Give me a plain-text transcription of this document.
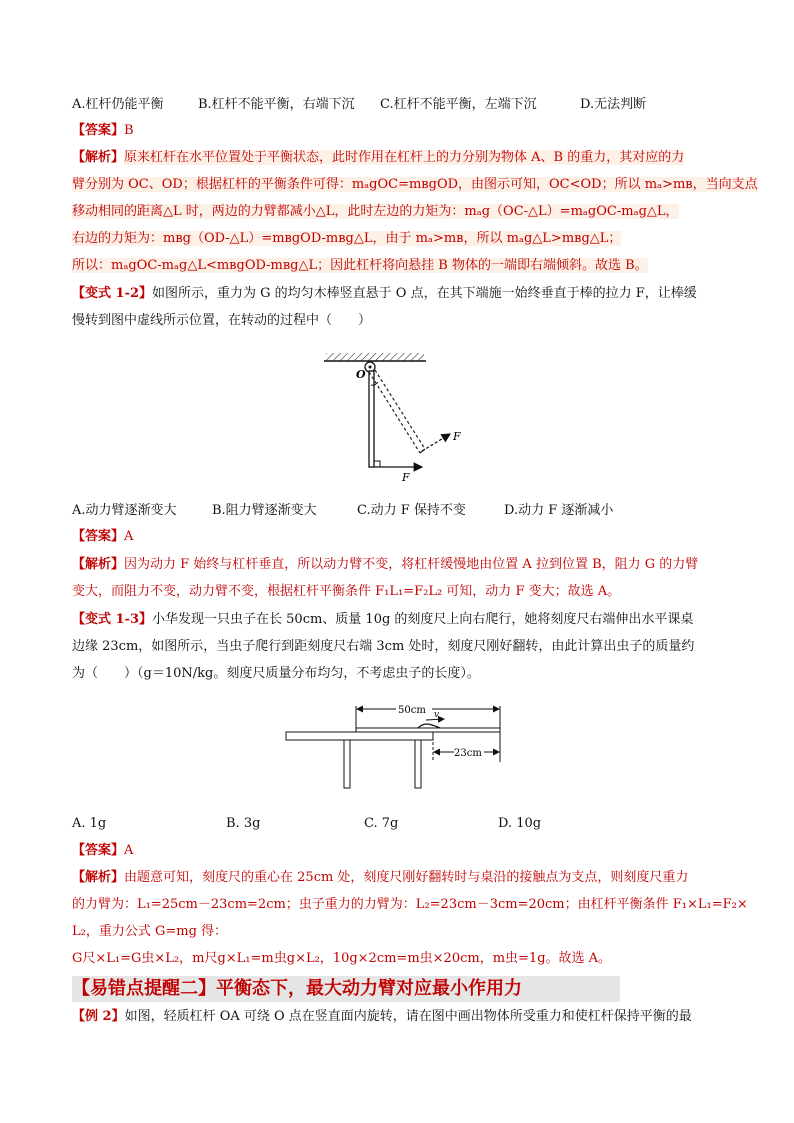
A.杠杆仍能平衡	B.杠杆不能平衡，右端下沉 C.杠杆不能平衡，左端下沉	D.无法判断
【答案】B
【解析】原来杠杆在水平位置处于平衡状态，此时作用在杠杆上的力分别为物体 A、B 的重力，其对应的力
臂分别为 OC、OD；根据杠杆的平衡条件可得：mₐgOC=mʙgOD，由图示可知，OC<OD；所以 mₐ>mʙ，当向支点
移动相同的距离△L 时，两边的力臂都减小△L，此时左边的力矩为：mₐg（OC-△L）=mₐgOC-mₐg△L，
右边的力矩为：mʙg（OD-△L）=mʙgOD-mʙg△L，由于 mₐ>mʙ，所以 mₐg△L>mʙg△L；
所以：mₐgOC-mₐg△L<mʙgOD-mʙg△L；因此杠杆将向悬挂 B 物体的一端即右端倾斜。故选 B。
【变式 1-2】如图所示，重力为 G 的均匀木棒竖直悬于 O 点，在其下端施一始终垂直于棒的拉力 F，让棒缓
慢转到图中虚线所示位置，在转动的过程中（　　）
O
F
F
A.动力臂逐渐变大	B.阻力臂逐渐变大	C.动力 F 保持不变	D.动力 F 逐渐减小
【答案】A
【解析】因为动力 F 始终与杠杆垂直，所以动力臂不变，将杠杆缓慢地由位置 A 拉到位置 B，阻力 G 的力臂
变大，而阻力不变，动力臂不变，根据杠杆平衡条件 F₁L₁=F₂L₂ 可知，动力 F 变大；故选 A。
【变式 1-3】小华发现一只虫子在长 50cm、质量 10g 的刻度尺上向右爬行，她将刻度尺右端伸出水平课桌
边缘 23cm，如图所示，当虫子爬行到距刻度尺右端 3cm 处时，刻度尺刚好翻转，由此计算出虫子的质量约
为（　　）（g＝10N/kg。刻度尺质量分布均匀，不考虑虫子的长度）。
50cm v
23cm
A. 1g	B. 3g	C. 7g	D. 10g
【答案】A
【解析】由题意可知，刻度尺的重心在 25cm 处，刻度尺刚好翻转时与桌沿的接触点为支点，则刻度尺重力
的力臂为：L₁=25cm－23cm=2cm；虫子重力的力臂为：L₂=23cm－3cm=20cm；由杠杆平衡条件 F₁×L₁=F₂×
L₂，重力公式 G=mg 得：
G尺×L₁=G虫×L₂，m尺g×L₁=m虫g×L₂，10g×2cm=m虫×20cm，m虫=1g。故选 A。
【易错点提醒二】平衡态下，最大动力臂对应最小作用力
【例 2】如图，轻质杠杆 OA 可绕 O 点在竖直面内旋转，请在图中画出物体所受重力和使杠杆保持平衡的最
